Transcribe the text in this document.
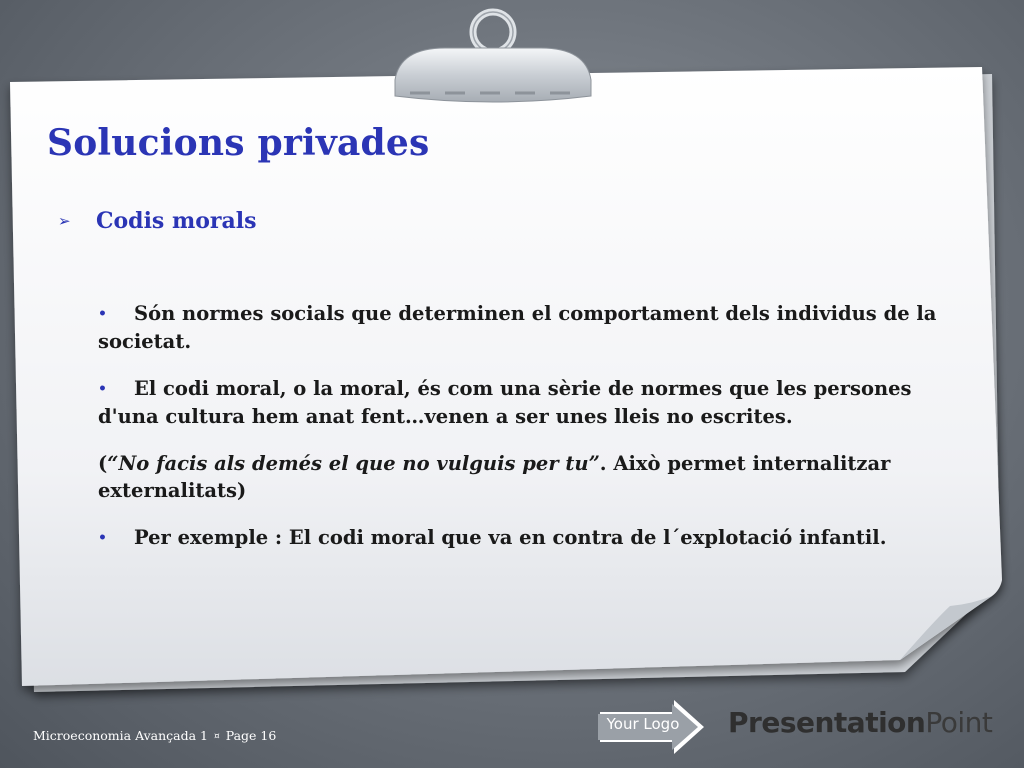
Solucions privades
➢	Codis morals

• Són normes socials que determinen el comportament dels individus de la societat.

• El codi moral, o la moral, és com una sèrie de normes que les persones d'una cultura hem anat fent…venen a ser unes lleis no escrites.

(“No facis als demés el que no vulguis per tu”. Això permet internalitzar externalitats)

• Per exemple : El codi moral que va en contra de l´explotació infantil.

Microeconomia Avançada 1 ¤ Page 16
Your Logo	PresentationPoint
